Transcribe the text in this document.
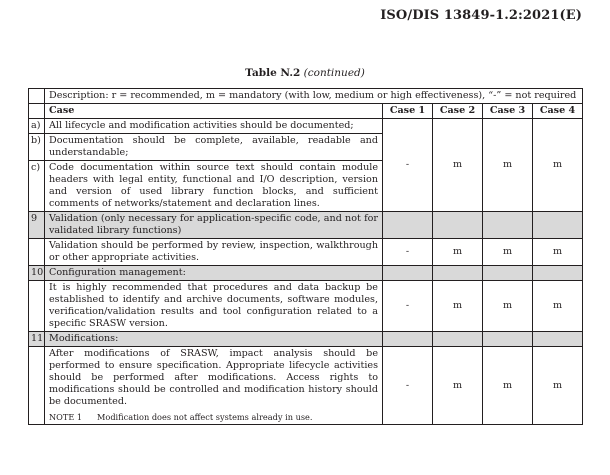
ISO/DIS 13849-1.2:2021(E)
Table N.2 (continued)
	Description: r = recommended, m = mandatory (with low, medium or high effectiveness), “-” = not required				
	Case	Case 1	Case 2	Case 3	Case 4
a)	All lifecycle and modification activities should be documented;	-	m	m	m
b)	Documentation should be complete, available, readable and understandable;				
c)	Code documentation within source text should contain module headers with legal entity, functional and I/O description, version and version of used library function blocks, and sufficient comments of networks/statement and declaration lines.				
9	Validation (only necessary for application-specific code, and not for validated library functions)				
	Validation should be performed by review, inspection, walkthrough or other appropriate activities.	-	m	m	m
10	Configuration management:				
	It is highly recommended that procedures and data backup be established to identify and archive documents, software modules, verification/validation results and tool configuration related to a specific SRASW version.	-	m	m	m
11	Modifications:				

	After modifications of SRASW, impact analysis should be performed to ensure specification. Appropriate lifecycle activities should be performed after modifications. Access rights to modifications should be controlled and modification history should be documented.
NOTE 1 Modification does not affect systems already in use.	-	m	m	m
